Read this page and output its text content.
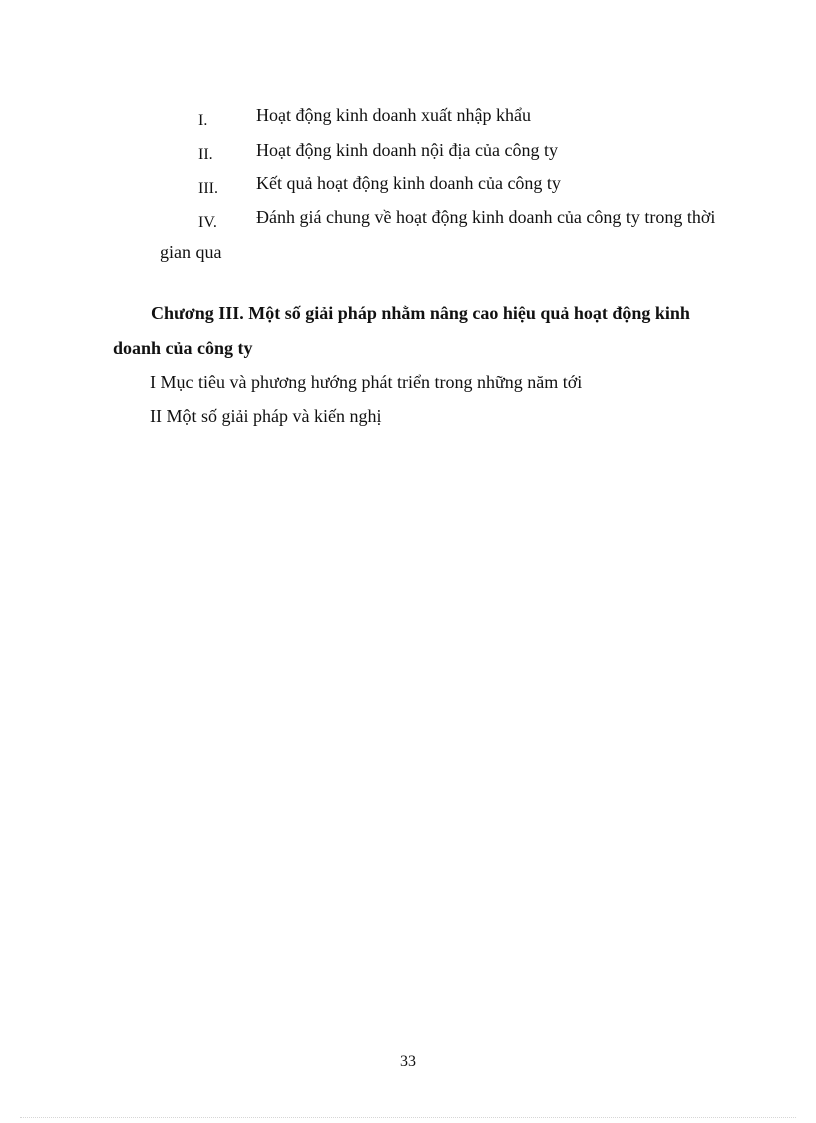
I.	Hoạt động kinh doanh xuất nhập khẩu
II. Hoạt động kinh doanh nội địa của công ty
III. Kết quả hoạt động kinh doanh của công ty
IV. Đánh giá chung về hoạt động kinh doanh của công ty trong thời
gian qua
Chương III. Một số giải pháp nhằm nâng cao hiệu quả hoạt động kinh
doanh của công ty
I Mục tiêu và phương hướng phát triển trong những năm tới
II Một số giải pháp và kiến nghị
33
